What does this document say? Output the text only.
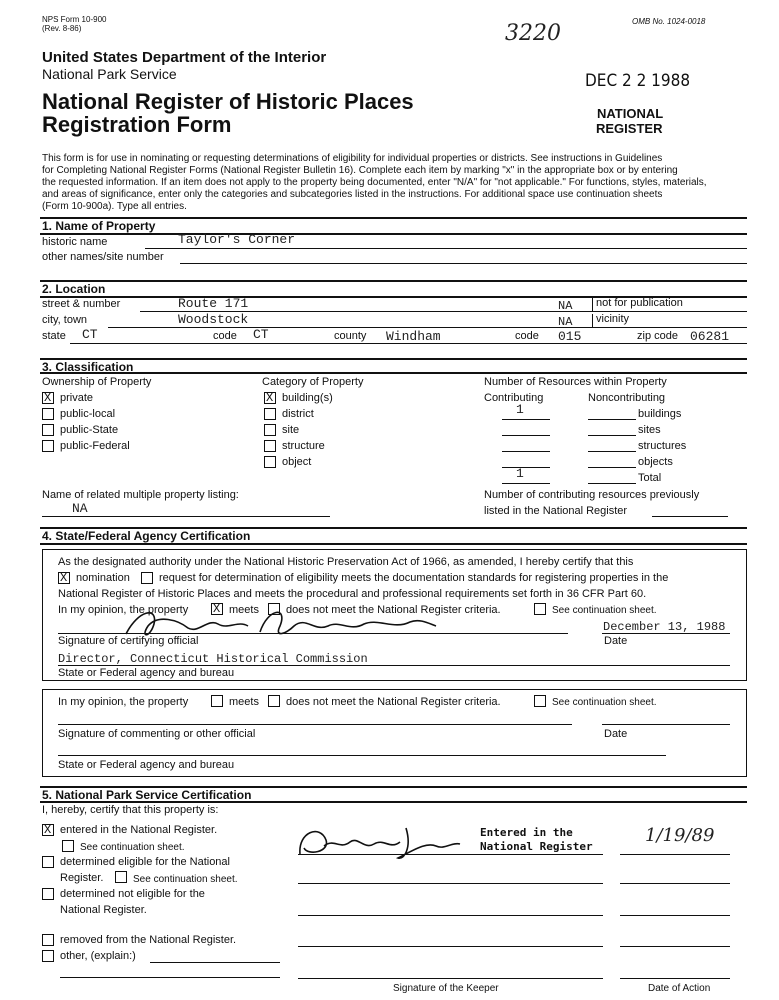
NPS Form 10-900
(Rev. 8-86)
OMB No. 1024-0018
3220
United States Department of the Interior
National Park Service
National Register of Historic Places
Registration Form
DEC 2 2 1988
NATIONAL
REGISTER
This form is for use in nominating or requesting determinations of eligibility for individual properties or districts. See instructions in Guidelines
for Completing National Register Forms (National Register Bulletin 16). Complete each item by marking "x" in the appropriate box or by entering
the requested information. If an item does not apply to the property being documented, enter "N/A" for "not applicable." For functions, styles, materials,
and areas of significance, enter only the categories and subcategories listed in the instructions. For additional space use continuation sheets
(Form 10-900a). Type all entries.
1. Name of Property
historic name	Taylor's Corner
other names/site number
2. Location
street & number	Route 171	NA not for publication
city, town	Woodstock	NA vicinity
state CT	code CT	county Windham	code 015	zip code 06281
3. Classification
Ownership of Property	Category of Property	Number of Resources within Property
X
private
public-local
public-State
public-Federal
X
building(s)
district
site
structure
object
Contributing	Noncontributing
1	buildings
sites
structures
objects
1	Total
Name of related multiple property listing:
NA
Number of contributing resources previously
listed in the National Register
4. State/Federal Agency Certification
As the designated authority under the National Historic Preservation Act of 1966, as amended, I hereby certify that this
X
nomination	request for determination of eligibility meets the documentation standards for registering properties in the
National Register of Historic Places and meets the procedural and professional requirements set forth in 36 CFR Part 60.
In my opinion, the property
X	meets does not meet the National Register criteria.	See continuation sheet.
Signature of certifying official
December 13, 1988
Date
Director, Connecticut Historical Commission
State or Federal agency and bureau
In my opinion, the property	meets does not meet the National Register criteria.	See continuation sheet.
Signature of commenting or other official	Date
State or Federal agency and bureau
5. National Park Service Certification
I, hereby, certify that this property is:
X
entered in the National Register.
See continuation sheet.
determined eligible for the National
Register.	See continuation sheet.
determined not eligible for the
National Register.
removed from the National Register.
other, (explain:)
Entered in the
National Register
1/19/89
Signature of the Keeper	Date of Action
